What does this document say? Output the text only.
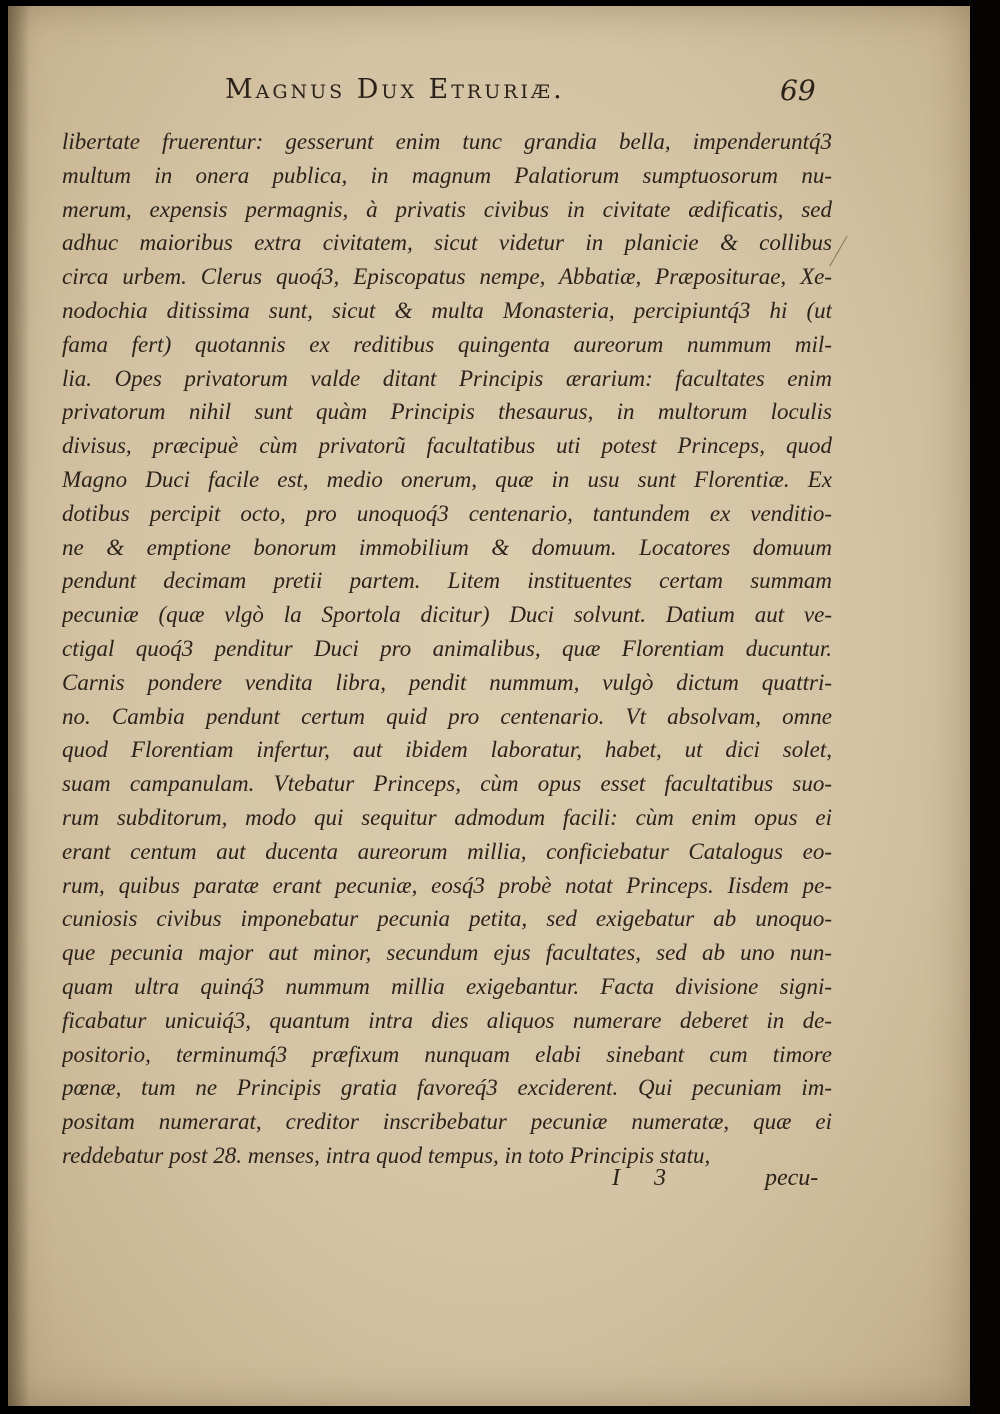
Magnus Dux Etruriæ.	69
libertate fruerentur: gesserunt enim tunc grandia bella, impenderuntq́3
multum in onera publica, in magnum Palatiorum sumptuosorum nu-
merum, expensis permagnis, à privatis civibus in civitate ædificatis, sed
adhuc maioribus extra civitatem, sicut videtur in planicie & collibus
circa urbem. Clerus quoq́3, Episcopatus nempe, Abbatiæ, Præpositurae, Xe-
nodochia ditissima sunt, sicut & multa Monasteria, percipiuntq́3 hi (ut
fama fert) quotannis ex reditibus quingenta aureorum nummum mil-
lia. Opes privatorum valde ditant Principis ærarium: facultates enim
privatorum nihil sunt quàm Principis thesaurus, in multorum loculis
divisus, præcipuè cùm privatorũ facultatibus uti potest Princeps, quod
Magno Duci facile est, medio onerum, quæ in usu sunt Florentiæ. Ex
dotibus percipit octo, pro unoquoq́3 centenario, tantundem ex venditio-
ne & emptione bonorum immobilium & domuum. Locatores domuum
pendunt decimam pretii partem. Litem instituentes certam summam
pecuniæ (quæ vlgò la Sportola dicitur) Duci solvunt. Datium aut ve-
ctigal quoq́3 penditur Duci pro animalibus, quæ Florentiam ducuntur.
Carnis pondere vendita libra, pendit nummum, vulgò dictum quattri-
no. Cambia pendunt certum quid pro centenario. Vt absolvam, omne
quod Florentiam infertur, aut ibidem laboratur, habet, ut dici solet,
suam campanulam. Vtebatur Princeps, cùm opus esset facultatibus suo-
rum subditorum, modo qui sequitur admodum facili: cùm enim opus ei
erant centum aut ducenta aureorum millia, conficiebatur Catalogus eo-
rum, quibus paratæ erant pecuniæ, eosq́3 probè notat Princeps. Iisdem pe-
cuniosis civibus imponebatur pecunia petita, sed exigebatur ab unoquo-
que pecunia major aut minor, secundum ejus facultates, sed ab uno nun-
quam ultra quinq́3 nummum millia exigebantur. Facta divisione signi-
ficabatur unicuiq́3, quantum intra dies aliquos numerare deberet in de-
positorio, terminumq́3 præfixum nunquam elabi sinebant cum timore
pœnæ, tum ne Principis gratia favoreq́3 exciderent. Qui pecuniam im-
positam numerarat, creditor inscribebatur pecuniæ numeratæ, quæ ei
reddebatur post 28. menses, intra quod tempus, in toto Principis statu,
I 3	pecu-
